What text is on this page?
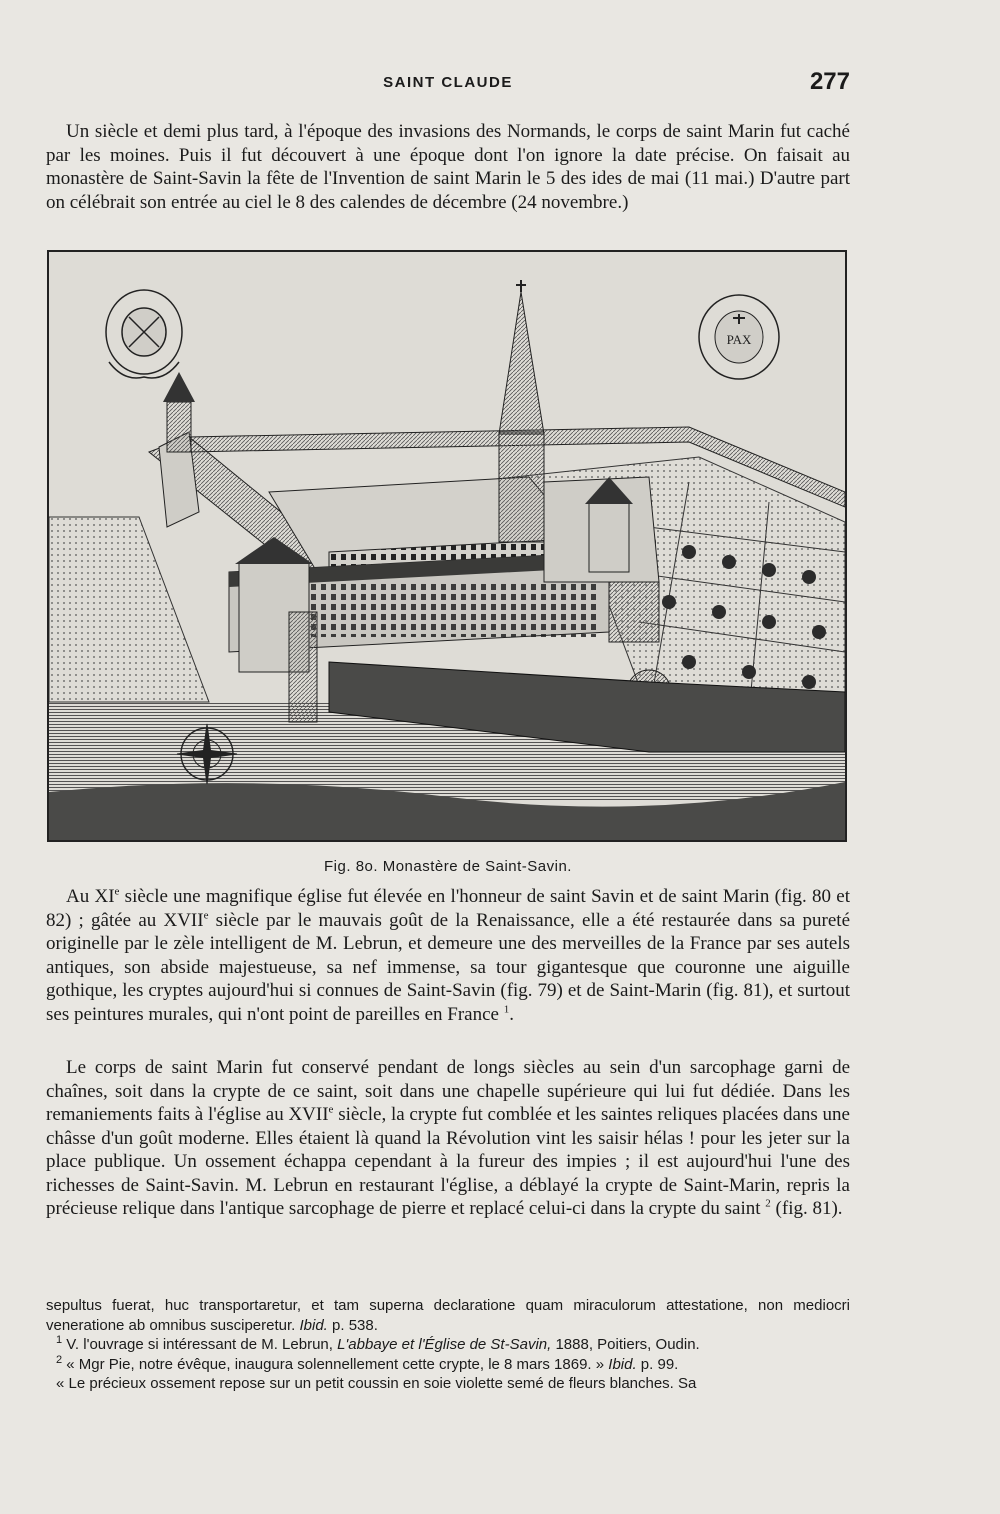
SAINT CLAUDE	277

Un siècle et demi plus tard, à l'époque des invasions des Normands, le corps de saint Marin fut caché par les moines. Puis il fut découvert à une époque dont l'on ignore la date précise. On faisait au monastère de Saint-Savin la fête de l'Invention de saint Marin le 5 des ides de mai (11 mai.) D'autre part on célébrait son entrée au ciel le 8 des calendes de décembre (24 novembre.)

PAX
Fig. 8o. Monastère de Saint-Savin.

Au XIe siècle une magnifique église fut élevée en l'honneur de saint Savin et de saint Marin (fig. 80 et 82) ; gâtée au XVIIe siècle par le mauvais goût de la Renaissance, elle a été restaurée dans sa pureté originelle par le zèle intelligent de M. Lebrun, et demeure une des merveilles de la France par ses autels antiques, son abside majestueuse, sa nef immense, sa tour gigantesque que couronne une aiguille gothique, les cryptes aujourd'hui si connues de Saint-Savin (fig. 79) et de Saint-Marin (fig. 81), et surtout ses peintures murales, qui n'ont point de pareilles en France $^1$.

Le corps de saint Marin fut conservé pendant de longs siècles au sein d'un sarcophage garni de chaînes, soit dans la crypte de ce saint, soit dans une chapelle supérieure qui lui fut dédiée. Dans les remaniements faits à l'église au XVIIe siècle, la crypte fut comblée et les saintes reliques placées dans une châsse d'un goût moderne. Elles étaient là quand la Révolution vint les saisir hélas ! pour les jeter sur la place publique. Un ossement échappa cependant à la fureur des impies ; il est aujourd'hui l'une des richesses de Saint-Savin. M. Lebrun en restaurant l'église, a déblayé la crypte de Saint-Marin, repris la précieuse relique dans l'antique sarcophage de pierre et replacé celui-ci dans la crypte du saint $^2$ (fig. 81).

sepultus fuerat, huc transportaretur, et tam superna declaratione quam miraculorum attestatione, non mediocri veneratione ab omnibus susciperetur. Ibid. p. 538.

$^1$ V. l'ouvrage si intéressant de M. Lebrun, L'abbaye et l'Église de St-Savin, 1888, Poitiers, Oudin.

$^2$ « Mgr Pie, notre évêque, inaugura solennellement cette crypte, le 8 mars 1869. » Ibid. p. 99.

« Le précieux ossement repose sur un petit coussin en soie violette semé de fleurs blanches. Sa
